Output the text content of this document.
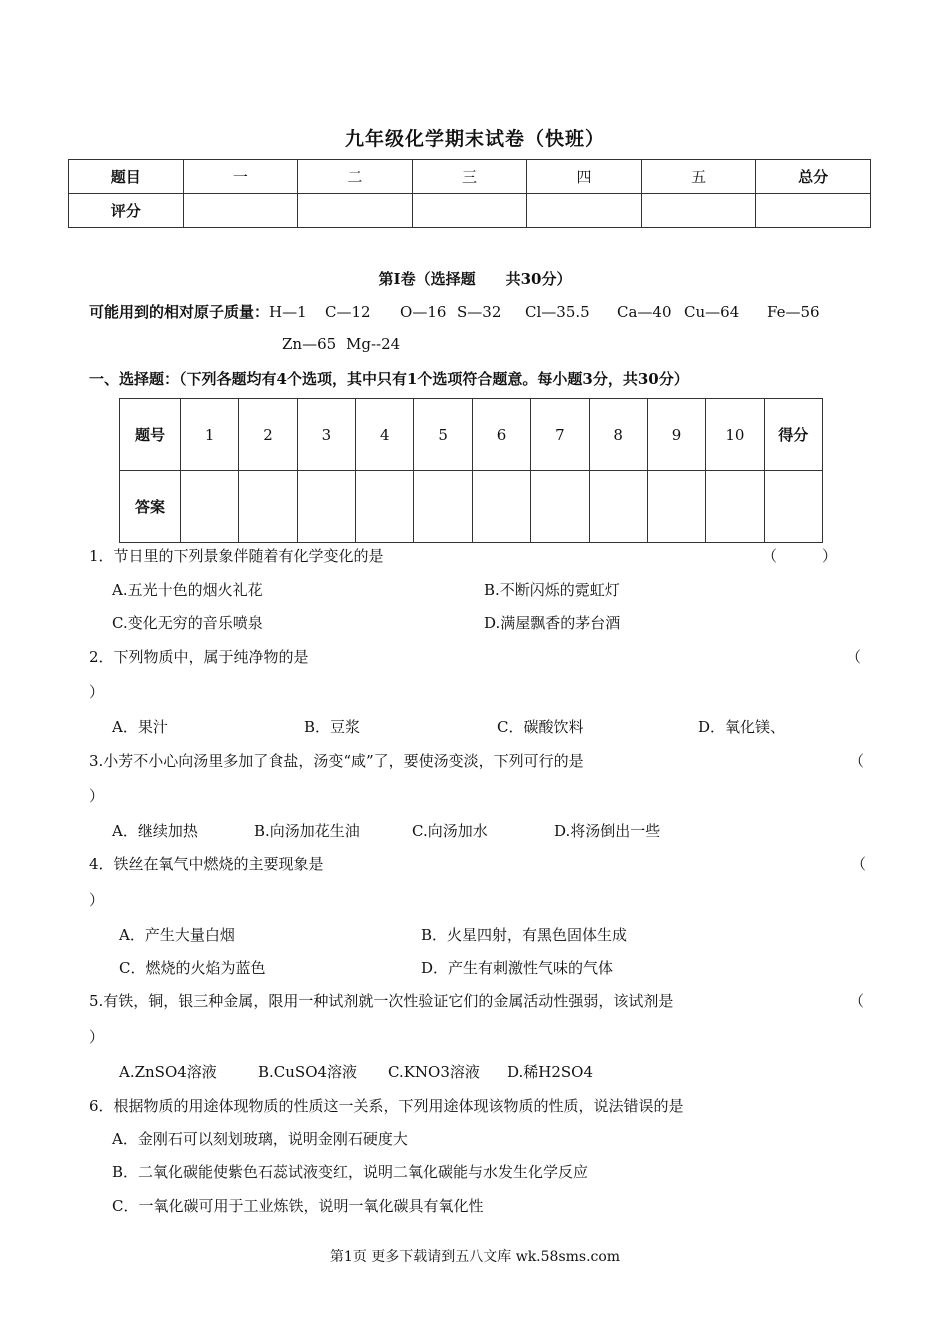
九年级化学期末试卷（快班）
题目	一	二	三	四	五	总分
评分						
第Ⅰ卷（选择题　　共30分）
可能用到的相对原子质量：H—1 C—12 O—16 S—32 Cl—35.5 Ca—40 Cu—64 Fe—56
Zn—65 Mg--24
一、选择题：（下列各题均有4个选项，其中只有1个选项符合题意。每小题3分，共30分）
题号	1	2	3	4	5	6	7	8	9	10	得分
答案											
1．节日里的下列景象伴随着有化学变化的是	（　　　）
A.五光十色的烟火礼花	B.不断闪烁的霓虹灯
C.变化无穷的音乐喷泉	D.满屋飘香的茅台酒
2．下列物质中，属于纯净物的是	（
）
A．果汁	B．豆浆	C．碳酸饮料	D．氧化镁、
3.小芳不小心向汤里多加了食盐，汤变“咸”了，要使汤变淡，下列可行的是	（
）
A．继续加热	B.向汤加花生油	C.向汤加水	D.将汤倒出一些
4．铁丝在氧气中燃烧的主要现象是	（
）
A．产生大量白烟	B．火星四射，有黑色固体生成
C．燃烧的火焰为蓝色	D．产生有刺激性气味的气体
5.有铁，铜，银三种金属，限用一种试剂就一次性验证它们的金属活动性强弱，该试剂是	（
）
A.ZnSO4溶液	B.CuSO4溶液 C.KNO3溶液 D.稀H2SO4
6．根据物质的用途体现物质的性质这一关系，下列用途体现该物质的性质，说法错误的是
A．金刚石可以刻划玻璃，说明金刚石硬度大
B．二氧化碳能使紫色石蕊试液变红，说明二氧化碳能与水发生化学反应
C．一氧化碳可用于工业炼铁，说明一氧化碳具有氧化性
第1页 更多下载请到五八文库 wk.58sms.com
